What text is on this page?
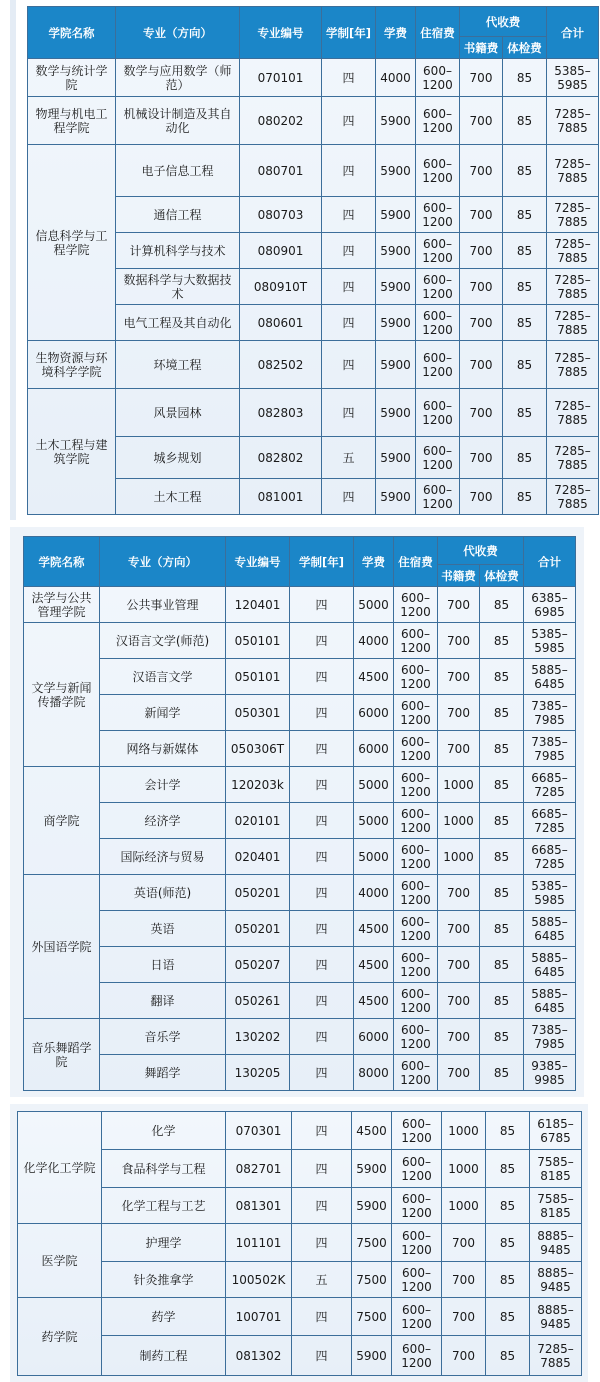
学院名称	专业（方向）	专业编号	学制[年]	学费	住宿费	代收费		合计
						书籍费	体检费	
数学与统计学院	数学与应用数学（师范）	070101	四	4000	600–1200	700	85	5385–5985
物理与机电工程学院	机械设计制造及其自动化	080202	四	5900	600–1200	700	85	7285–7885
信息科学与工程学院	电子信息工程	080701	四	5900	600–1200	700	85	7285–7885
	通信工程	080703	四	5900	600–1200	700	85	7285–7885
	计算机科学与技术	080901	四	5900	600–1200	700	85	7285–7885
	数据科学与大数据技术	080910T	四	5900	600–1200	700	85	7285–7885
	电气工程及其自动化	080601	四	5900	600–1200	700	85	7285–7885
生物资源与环境科学学院	环境工程	082502	四	5900	600–1200	700	85	7285–7885
土木工程与建筑学院	风景园林	082803	四	5900	600–1200	700	85	7285–7885
	城乡规划	082802	五	5900	600–1200	700	85	7285–7885
	土木工程	081001	四	5900	600–1200	700	85	7285–7885
学院名称	专业（方向）	专业编号	学制[年]	学费	住宿费	代收费		合计
						书籍费	体检费	
法学与公共管理学院	公共事业管理	120401	四	5000	600–1200	700	85	6385–6985
文学与新闻传播学院	汉语言文学(师范)	050101	四	4000	600–1200	700	85	5385–5985
	汉语言文学	050101	四	4500	600–1200	700	85	5885–6485
	新闻学	050301	四	6000	600–1200	700	85	7385–7985
	网络与新媒体	050306T	四	6000	600–1200	700	85	7385–7985
商学院	会计学	120203k	四	5000	600–1200	1000	85	6685–7285
	经济学	020101	四	5000	600–1200	1000	85	6685–7285
	国际经济与贸易	020401	四	5000	600–1200	1000	85	6685–7285
外国语学院	英语(师范)	050201	四	4000	600–1200	700	85	5385–5985
	英语	050201	四	4500	600–1200	700	85	5885–6485
	日语	050207	四	4500	600–1200	700	85	5885–6485
	翻译	050261	四	4500	600–1200	700	85	5885–6485
音乐舞蹈学院	音乐学	130202	四	6000	600–1200	700	85	7385–7985
	舞蹈学	130205	四	8000	600–1200	700	85	9385–9985
化学化工学院	化学	070301	四	4500	600–1200	1000	85	6185–6785
	食品科学与工程	082701	四	5900	600–1200	1000	85	7585–8185
	化学工程与工艺	081301	四	5900	600–1200	1000	85	7585–8185
医学院	护理学	101101	四	7500	600–1200	700	85	8885–9485
	针灸推拿学	100502K	五	7500	600–1200	700	85	8885–9485
药学院	药学	100701	四	7500	600–1200	700	85	8885–9485
	制药工程	081302	四	5900	600–1200	700	85	7285–7885
